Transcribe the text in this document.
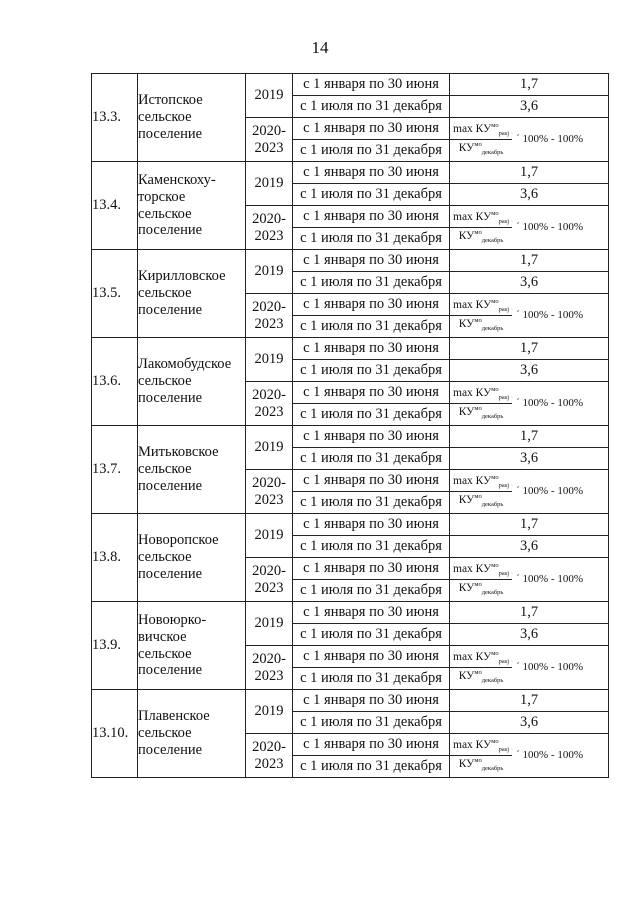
14
13.3.	Истопское
сельское
поселение	2019	с 1 января по 30 июня	1,7
			с 1 июля по 31 декабря	3,6
		2020-2023	с 1 января по 30 июня	$\frac{\max КУ^{мо}_{pasj}}{КУ^{мо}_{декабрь}}$ ´ 100% - 100%

			с 1 июля по 31 декабря	
13.4.	Каменскоху-
торское
сельское
поселение	2019	с 1 января по 30 июня	1,7
			с 1 июля по 31 декабря	3,6
		2020-2023	с 1 января по 30 июня	$\frac{\max КУ^{мо}_{pasj}}{КУ^{мо}_{декабрь}}$ ´ 100% - 100%

			с 1 июля по 31 декабря	
13.5.	Кирилловское
сельское
поселение	2019	с 1 января по 30 июня	1,7
			с 1 июля по 31 декабря	3,6
		2020-2023	с 1 января по 30 июня	$\frac{\max КУ^{мо}_{pasj}}{КУ^{мо}_{декабрь}}$ ´ 100% - 100%

			с 1 июля по 31 декабря	
13.6.	Лакомобудское
сельское
поселение	2019	с 1 января по 30 июня	1,7
			с 1 июля по 31 декабря	3,6
		2020-2023	с 1 января по 30 июня	$\frac{\max КУ^{мо}_{pasj}}{КУ^{мо}_{декабрь}}$ ´ 100% - 100%

			с 1 июля по 31 декабря	
13.7.	Митьковское
сельское
поселение	2019	с 1 января по 30 июня	1,7
			с 1 июля по 31 декабря	3,6
		2020-2023	с 1 января по 30 июня	$\frac{\max КУ^{мо}_{pasj}}{КУ^{мо}_{декабрь}}$ ´ 100% - 100%

			с 1 июля по 31 декабря	
13.8.	Новоропское
сельское
поселение	2019	с 1 января по 30 июня	1,7
			с 1 июля по 31 декабря	3,6
		2020-2023	с 1 января по 30 июня	$\frac{\max КУ^{мо}_{pasj}}{КУ^{мо}_{декабрь}}$ ´ 100% - 100%

			с 1 июля по 31 декабря	
13.9.	Новоюрко-
вичское
сельское
поселение	2019	с 1 января по 30 июня	1,7
			с 1 июля по 31 декабря	3,6
		2020-2023	с 1 января по 30 июня	$\frac{\max КУ^{мо}_{pasj}}{КУ^{мо}_{декабрь}}$ ´ 100% - 100%

			с 1 июля по 31 декабря	
13.10.	Плавенское
сельское
поселение	2019	с 1 января по 30 июня	1,7
			с 1 июля по 31 декабря	3,6
		2020-2023	с 1 января по 30 июня	$\frac{\max КУ^{мо}_{pasj}}{КУ^{мо}_{декабрь}}$ ´ 100% - 100%

			с 1 июля по 31 декабря	
